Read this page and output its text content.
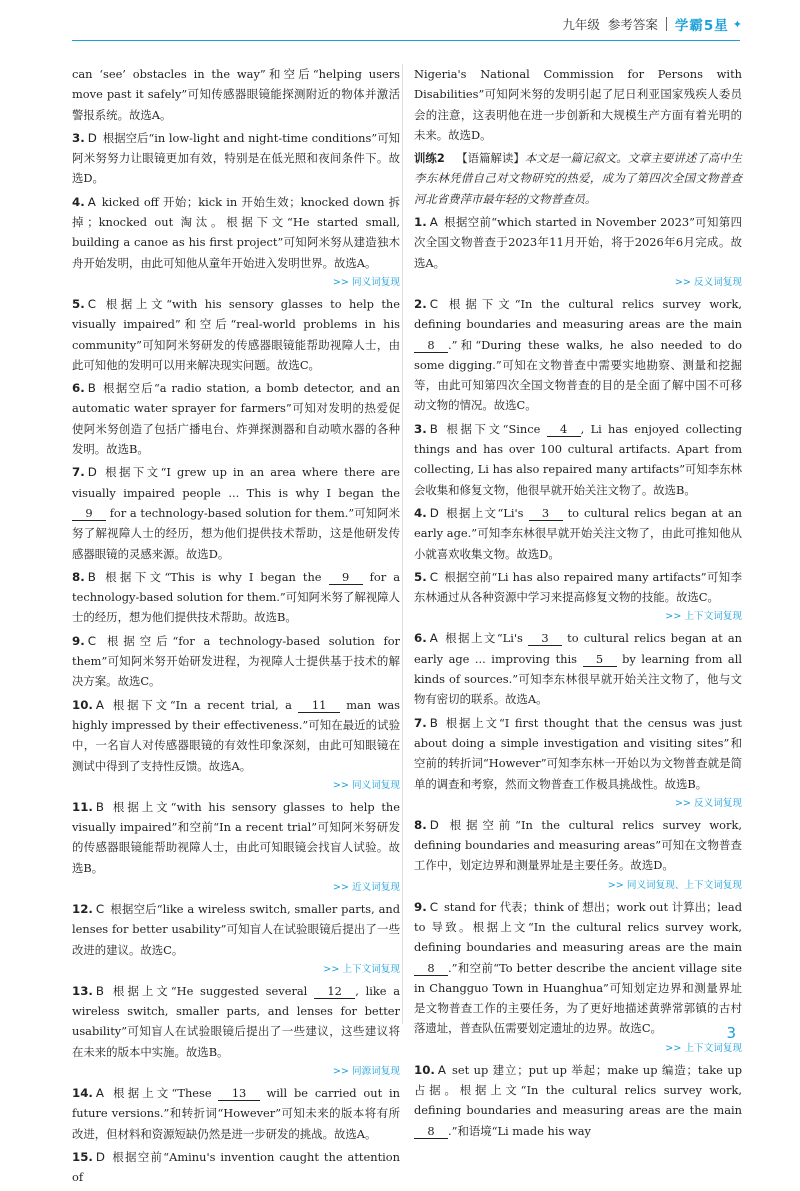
九年级 参考答案 学霸5星 ✦

can ‘see’ obstacles in the way”和空后“helping users move past it safely”可知传感器眼镜能探测附近的物体并激活警报系统。故选A。

3. D 根据空后“in low-light and night-time conditions”可知阿米努努力让眼镜更加有效，特别是在低光照和夜间条件下。故选D。

4. A kicked off 开始；kick in 开始生效；knocked down 拆掉；knocked out 淘汰。根据下文“He started small, building a canoe as his first project”可知阿米努从建造独木舟开始发明，由此可知他从童年开始进入发明世界。故选A。

>> 同义词复现

5. C 根据上文“with his sensory glasses to help the visually impaired”和空后“real-world problems in his community”可知阿米努研发的传感器眼镜能帮助视障人士，由此可知他的发明可以用来解决现实问题。故选C。

6. B 根据空后“a radio station, a bomb detector, and an automatic water sprayer for farmers”可知对发明的热爱促使阿米努创造了包括广播电台、炸弹探测器和自动喷水器的各种发明。故选B。

7. D 根据下文“I grew up in an area where there are visually impaired people ... This is why I began the  9  for a technology-based solution for them.”可知阿米努了解视障人士的经历，想为他们提供技术帮助，这是他研发传感器眼镜的灵感来源。故选D。

8. B 根据下文“This is why I began the  9  for a technology-based solution for them.”可知阿米努了解视障人士的经历，想为他们提供技术帮助。故选B。

9. C 根据空后“for a technology-based solution for them”可知阿米努开始研发进程，为视障人士提供基于技术的解决方案。故选C。

10. A 根据下文“In a recent trial, a  11  man was highly impressed by their effectiveness.”可知在最近的试验中，一名盲人对传感器眼镜的有效性印象深刻，由此可知眼镜在测试中得到了支持性反馈。故选A。

>> 同义词复现

11. B 根据上文“with his sensory glasses to help the visually impaired”和空前“In a recent trial”可知阿米努研发的传感器眼镜能帮助视障人士，由此可知眼镜会找盲人试验。故选B。

>> 近义词复现

12. C 根据空后“like a wireless switch, smaller parts, and lenses for better usability”可知盲人在试验眼镜后提出了一些改进的建议。故选C。

>> 上下文词复现

13. B 根据上文“He suggested several  12 , like a wireless switch, smaller parts, and lenses for better usability”可知盲人在试验眼镜后提出了一些建议，这些建议将在未来的版本中实施。故选B。

>> 同源词复现

14. A 根据上文“These  13  will be carried out in future versions.”和转折词“However”可知未来的版本将有所改进，但材料和资源短缺仍然是进一步研发的挑战。故选A。

15. D 根据空前“Aminu's invention caught the attention of

Nigeria's National Commission for Persons with Disabilities”可知阿米努的发明引起了尼日利亚国家残疾人委员会的注意，这表明他在进一步创新和大规模生产方面有着光明的未来。故选D。

训练2 【语篇解读】本文是一篇记叙文。文章主要讲述了高中生李东林凭借自己对文物研究的热爱，成为了第四次全国文物普查河北省费萍市最年轻的文物普查员。

1. A 根据空前“which started in November 2023”可知第四次全国文物普查于2023年11月开始，将于2026年6月完成。故选A。

>> 反义词复现

2. C 根据下文“In the cultural relics survey work, defining boundaries and measuring areas are the main  8 .”和“During these walks, he also needed to do some digging.”可知在文物普查中需要实地勘察、测量和挖掘等，由此可知第四次全国文物普查的目的是全面了解中国不可移动文物的情况。故选C。

3. B 根据下文“Since  4 , Li has enjoyed collecting things and has over 100 cultural artifacts. Apart from collecting, Li has also repaired many artifacts”可知李东林会收集和修复文物，他很早就开始关注文物了。故选B。

4. D 根据上文“Li's  3  to cultural relics began at an early age.”可知李东林很早就开始关注文物了，由此可推知他从小就喜欢收集文物。故选D。

5. C 根据空前“Li has also repaired many artifacts”可知李东林通过从各种资源中学习来提高修复文物的技能。故选C。

>> 上下文词复现

6. A 根据上文“Li's  3  to cultural relics began at an early age ... improving this  5  by learning from all kinds of sources.”可知李东林很早就开始关注文物了，他与文物有密切的联系。故选A。

7. B 根据上文“I first thought that the census was just about doing a simple investigation and visiting sites”和空前的转折词“However”可知李东林一开始以为文物普查就是简单的调查和考察，然而文物普查工作极具挑战性。故选B。

>> 反义词复现

8. D 根据空前“In the cultural relics survey work, defining boundaries and measuring areas”可知在文物普查工作中，划定边界和测量界址是主要任务。故选D。

>> 同义词复现、上下文词复现

9. C stand for 代表；think of 想出；work out 计算出；lead to 导致。根据上文“In the cultural relics survey work, defining boundaries and measuring areas are the main  8 .”和空前“To better describe the ancient village site in Changguo Town in Huanghua”可知划定边界和测量界址是文物普查工作的主要任务，为了更好地描述黄骅常郭镇的古村落遗址，普查队伍需要划定遗址的边界。故选C。

>> 上下文词复现

10. A set up 建立；put up 举起；make up 编造；take up 占据。根据上文“In the cultural relics survey work, defining boundaries and measuring areas are the main  8 .”和语境“Li made his way

3
